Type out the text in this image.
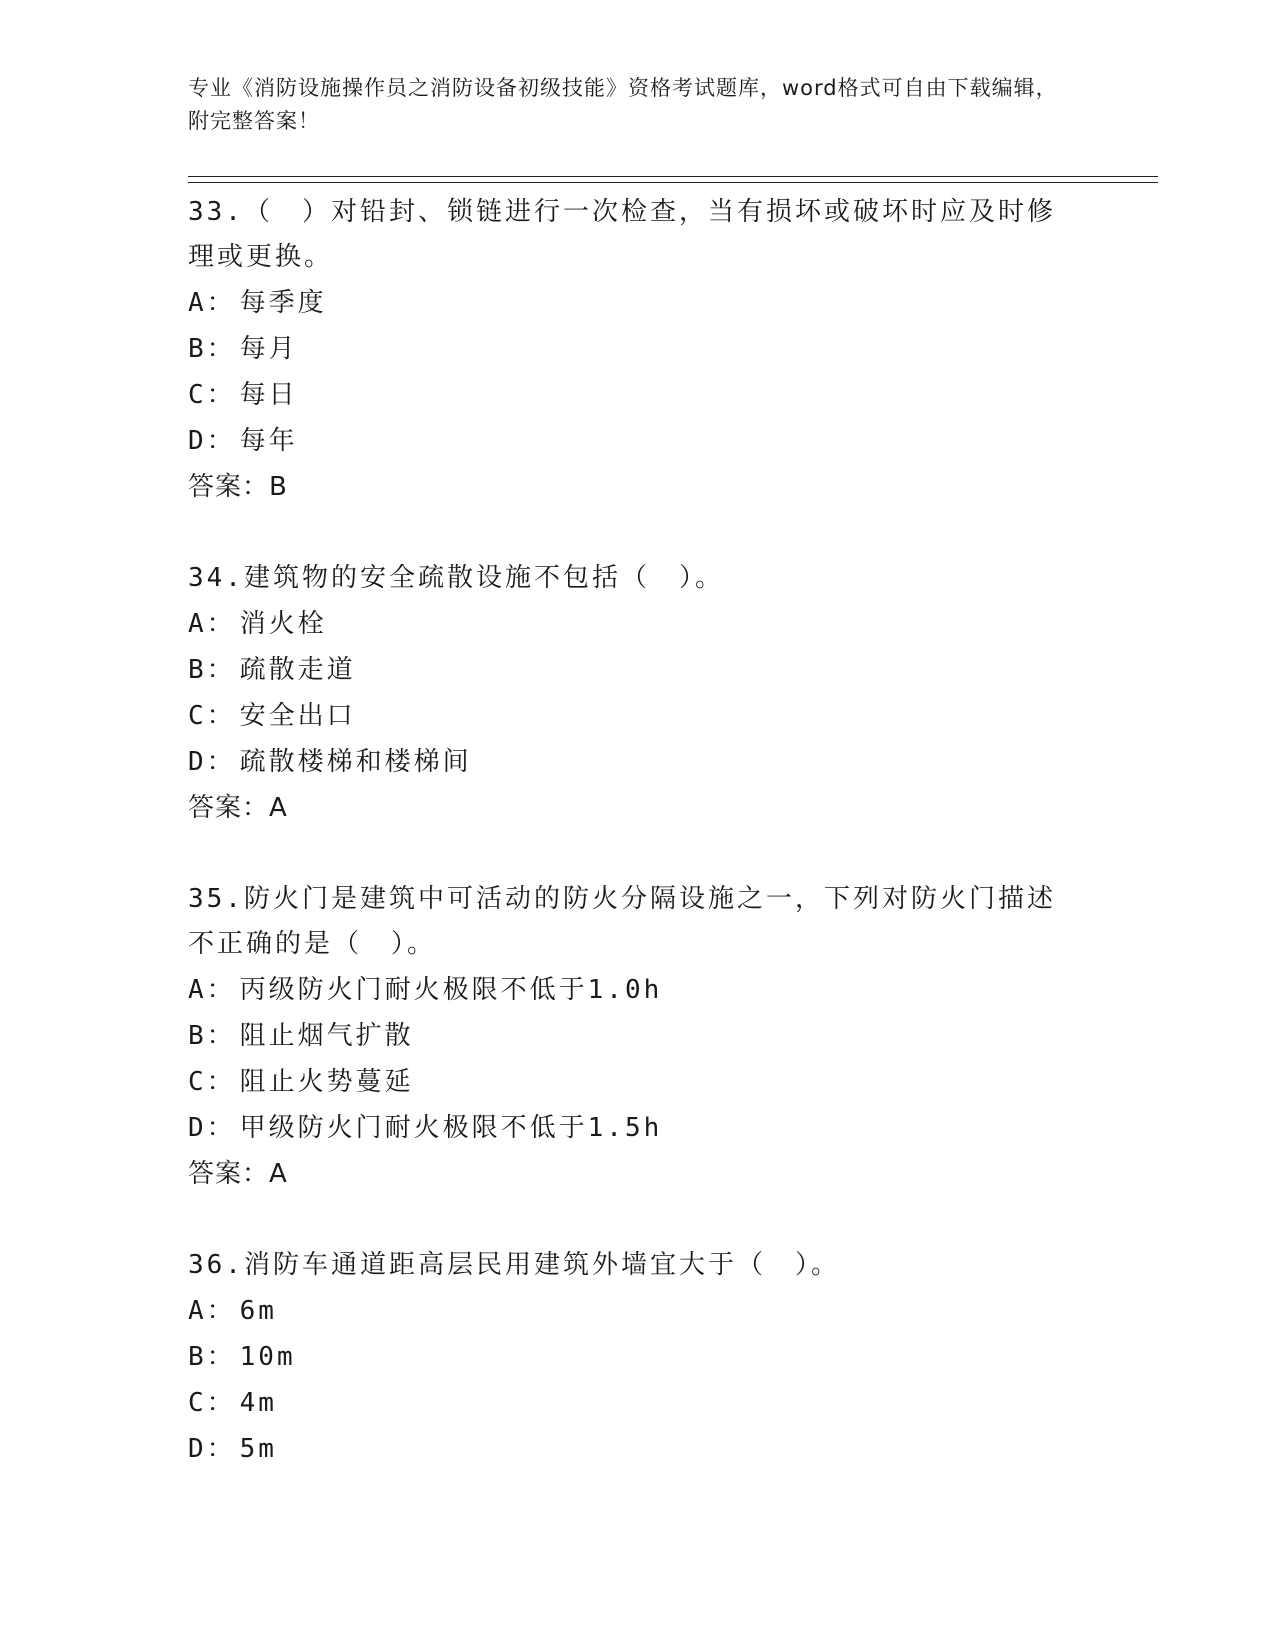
专业《消防设施操作员之消防设备初级技能》资格考试题库，word格式可自由下载编辑，附完整答案！
33.（　）对铅封、锁链进行一次检查，当有损坏或破坏时应及时修理或更换。
A： 每季度
B： 每月
C： 每日
D： 每年
答案：B
34.建筑物的安全疏散设施不包括（　）。
A： 消火栓
B： 疏散走道
C： 安全出口
D： 疏散楼梯和楼梯间
答案：A
35.防火门是建筑中可活动的防火分隔设施之一，下列对防火门描述不正确的是（　）。
A： 丙级防火门耐火极限不低于1.0h
B： 阻止烟气扩散
C： 阻止火势蔓延
D： 甲级防火门耐火极限不低于1.5h
答案：A
36.消防车通道距高层民用建筑外墙宜大于（　）。
A： 6m
B： 10m
C： 4m
D： 5m
